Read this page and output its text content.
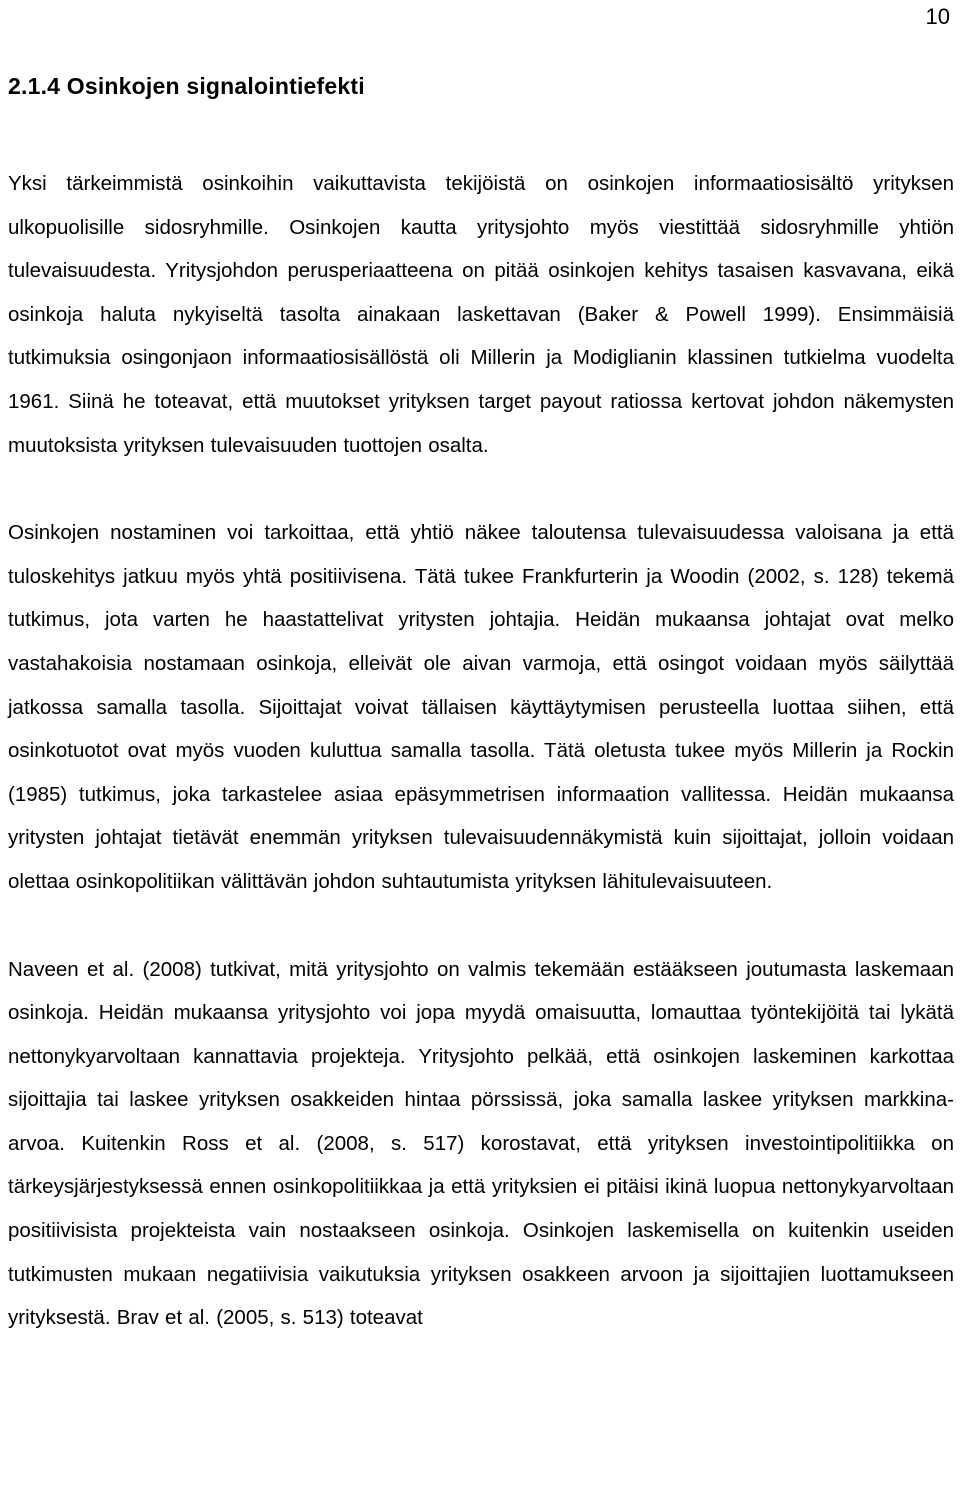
10
2.1.4 Osinkojen signalointiefekti

Yksi tärkeimmistä osinkoihin vaikuttavista tekijöistä on osinkojen informaatiosisältö yrityksen ulkopuolisille sidosryhmille. Osinkojen kautta yritysjohto myös viestittää sidosryhmille yhtiön tulevaisuudesta. Yritysjohdon perusperiaatteena on pitää osinkojen kehitys tasaisen kasvavana, eikä osinkoja haluta nykyiseltä tasolta ainakaan laskettavan (Baker & Powell 1999). Ensimmäisiä tutkimuksia osingonjaon informaatiosisällöstä oli Millerin ja Modiglianin klassinen tutkielma vuodelta 1961. Siinä he toteavat, että muutokset yrityksen target payout ratiossa kertovat johdon näkemysten muutoksista yrityksen tulevaisuuden tuottojen osalta.

Osinkojen nostaminen voi tarkoittaa, että yhtiö näkee taloutensa tulevaisuudessa valoisana ja että tuloskehitys jatkuu myös yhtä positiivisena. Tätä tukee Frankfurterin ja Woodin (2002, s. 128) tekemä tutkimus, jota varten he haastattelivat yritysten johtajia. Heidän mukaansa johtajat ovat melko vastahakoisia nostamaan osinkoja, elleivät ole aivan varmoja, että osingot voidaan myös säilyttää jatkossa samalla tasolla. Sijoittajat voivat tällaisen käyttäytymisen perusteella luottaa siihen, että osinkotuotot ovat myös vuoden kuluttua samalla tasolla. Tätä oletusta tukee myös Millerin ja Rockin (1985) tutkimus, joka tarkastelee asiaa epäsymmetrisen informaation vallitessa. Heidän mukaansa yritysten johtajat tietävät enemmän yrityksen tulevaisuudennäkymistä kuin sijoittajat, jolloin voidaan olettaa osinkopolitiikan välittävän johdon suhtautumista yrityksen lähitulevaisuuteen.

Naveen et al. (2008) tutkivat, mitä yritysjohto on valmis tekemään estääkseen joutumasta laskemaan osinkoja. Heidän mukaansa yritysjohto voi jopa myydä omaisuutta, lomauttaa työntekijöitä tai lykätä nettonykyarvoltaan kannattavia projekteja. Yritysjohto pelkää, että osinkojen laskeminen karkottaa sijoittajia tai laskee yrityksen osakkeiden hintaa pörssissä, joka samalla laskee yrityksen markkina-arvoa. Kuitenkin Ross et al. (2008, s. 517) korostavat, että yrityksen investointipolitiikka on tärkeysjärjestyksessä ennen osinkopolitiikkaa ja että yrityksien ei pitäisi ikinä luopua nettonykyarvoltaan positiivisista projekteista vain nostaakseen osinkoja. Osinkojen laskemisella on kuitenkin useiden tutkimusten mukaan negatiivisia vaikutuksia yrityksen osakkeen arvoon ja sijoittajien luottamukseen yrityksestä. Brav et al. (2005, s. 513) toteavat
